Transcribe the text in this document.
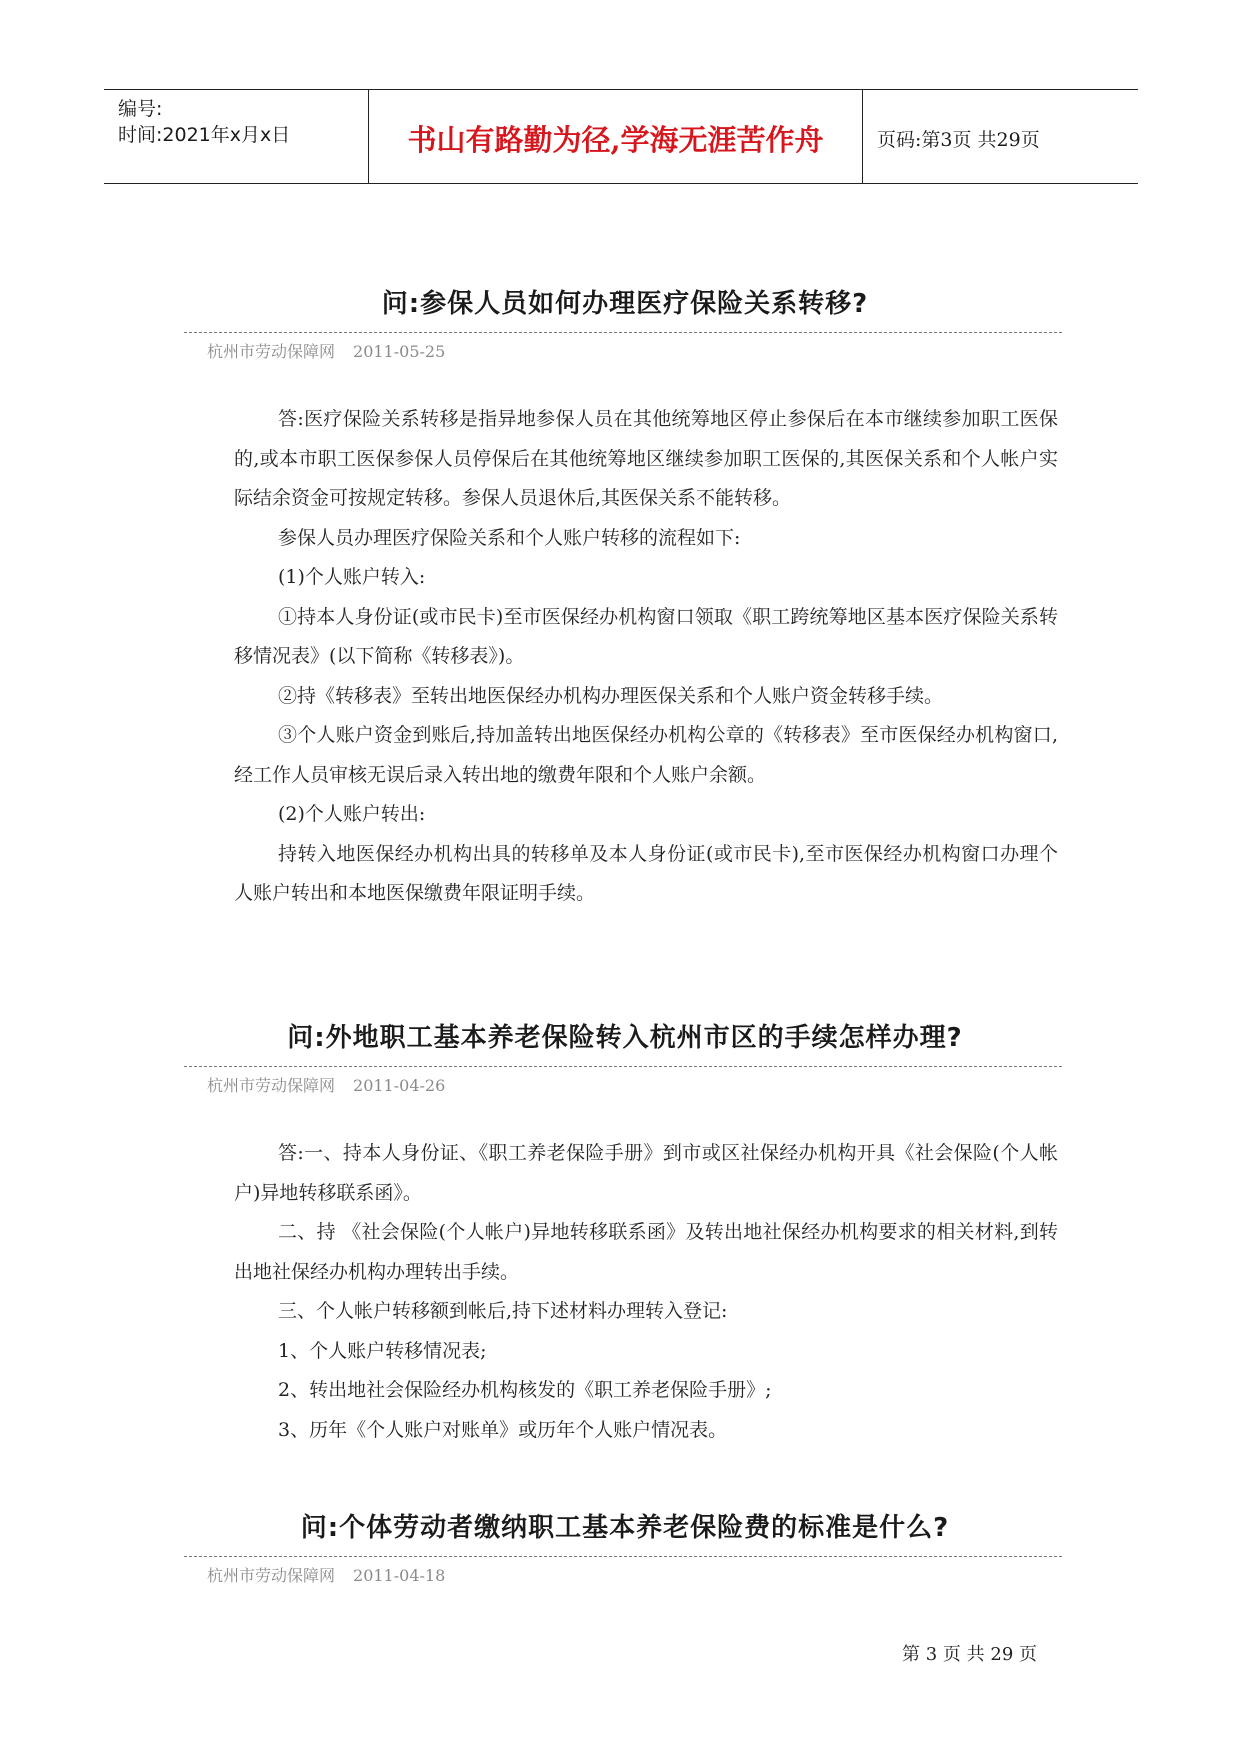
编号:
时间:2021年x月x日	书山有路勤为径,学海无涯苦作舟	页码:第3页 共29页
问:参保人员如何办理医疗保险关系转移?
杭州市劳动保障网 2011-05-25

答:医疗保险关系转移是指异地参保人员在其他统筹地区停止参保后在本市继续参加职工医保的,或本市职工医保参保人员停保后在其他统筹地区继续参加职工医保的,其医保关系和个人帐户实际结余资金可按规定转移。参保人员退休后,其医保关系不能转移。

参保人员办理医疗保险关系和个人账户转移的流程如下:

(1)个人账户转入:

①持本人身份证(或市民卡)至市医保经办机构窗口领取《职工跨统筹地区基本医疗保险关系转移情况表》(以下简称《转移表》)。

②持《转移表》至转出地医保经办机构办理医保关系和个人账户资金转移手续。

③个人账户资金到账后,持加盖转出地医保经办机构公章的《转移表》至市医保经办机构窗口,经工作人员审核无误后录入转出地的缴费年限和个人账户余额。

(2)个人账户转出:

持转入地医保经办机构出具的转移单及本人身份证(或市民卡),至市医保经办机构窗口办理个人账户转出和本地医保缴费年限证明手续。

问:外地职工基本养老保险转入杭州市区的手续怎样办理?
杭州市劳动保障网 2011-04-26

答:一、持本人身份证、《职工养老保险手册》到市或区社保经办机构开具《社会保险(个人帐户)异地转移联系函》。

二、持 《社会保险(个人帐户)异地转移联系函》及转出地社保经办机构要求的相关材料,到转出地社保经办机构办理转出手续。

三、个人帐户转移额到帐后,持下述材料办理转入登记:

1、个人账户转移情况表;

2、转出地社会保险经办机构核发的《职工养老保险手册》;

3、历年《个人账户对账单》或历年个人账户情况表。

问:个体劳动者缴纳职工基本养老保险费的标准是什么?
杭州市劳动保障网 2011-04-18
第 3 页 共 29 页
